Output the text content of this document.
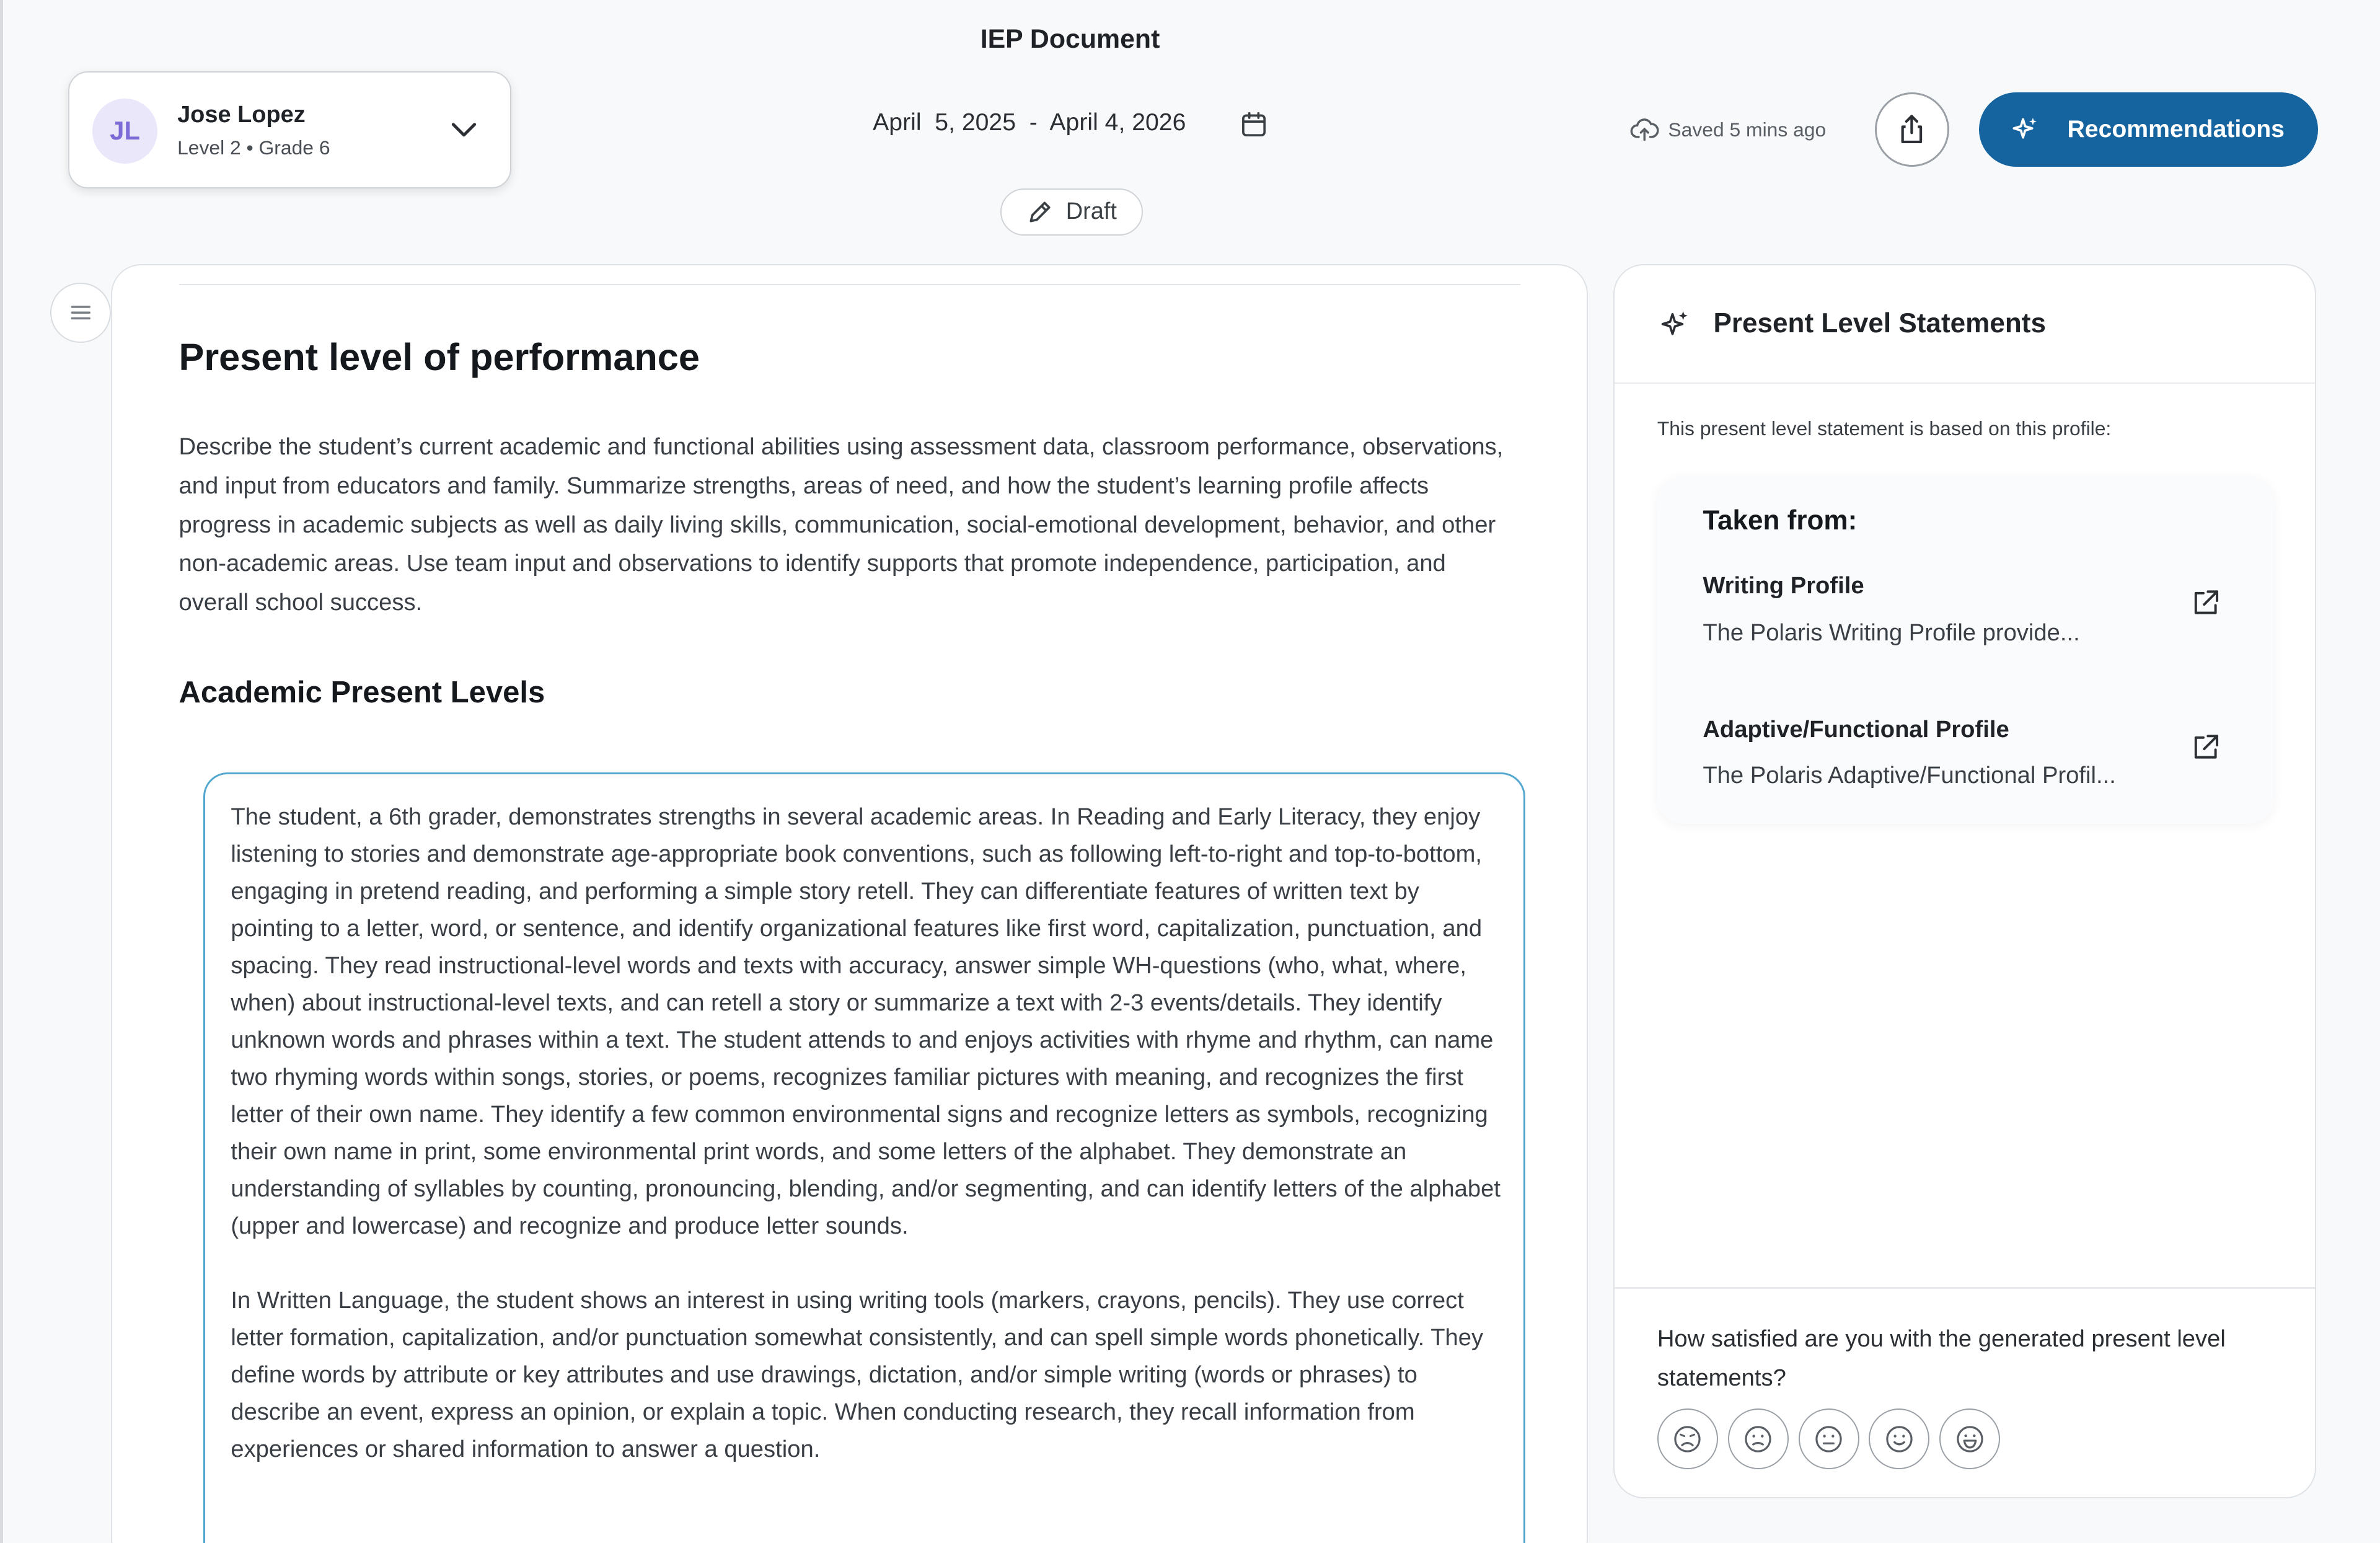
IEP Document
JL
Jose Lopez
Level 2 • Grade 6
April  5, 2025  -  April 4, 2026
Draft
Saved 5 mins ago	Recommendations
Present level of performance
Describe the student’s current academic and functional abilities using assessment data, classroom performance, observations, and input from educators and family. Summarize strengths, areas of need, and how the student’s learning profile affects progress in academic subjects as well as daily living skills, communication, social-emotional development, behavior, and other non-academic areas. Use team input and observations to identify supports that promote independence, participation, and overall school success.
Academic Present Levels

The student, a 6th grader, demonstrates strengths in several academic areas. In Reading and Early Literacy, they enjoy listening to stories and demonstrate age-appropriate book conventions, such as following left-to-right and top-to-bottom, engaging in pretend reading, and performing a simple story retell. They can differentiate features of written text by pointing to a letter, word, or sentence, and identify organizational features like first word, capitalization, punctuation, and spacing. They read instructional-level words and texts with accuracy, answer simple WH-questions (who, what, where, when) about instructional-level texts, and can retell a story or summarize a text with 2-3 events/details. They identify unknown words and phrases within a text. The student attends to and enjoys activities with rhyme and rhythm, can name two rhyming words within songs, stories, or poems, recognizes familiar pictures with meaning, and recognizes the first letter of their own name. They identify a few common environmental signs and recognize letters as symbols, recognizing their own name in print, some environmental print words, and some letters of the alphabet. They demonstrate an understanding of syllables by counting, pronouncing, blending, and/or segmenting, and can identify letters of the alphabet (upper and lowercase) and recognize and produce letter sounds.

In Written Language, the student shows an interest in using writing tools (markers, crayons, pencils). They use correct letter formation, capitalization, and/or punctuation somewhat consistently, and can spell simple words phonetically. They define words by attribute or key attributes and use drawings, dictation, and/or simple writing (words or phrases) to describe an event, express an opinion, or explain a topic. When conducting research, they recall information from experiences or shared information to answer a question.

Present Level Statements
This present level statement is based on this profile:
Taken from:
Writing Profile
The Polaris Writing Profile provide...
Adaptive/Functional Profile
The Polaris Adaptive/Functional Profil...
How satisfied are you with the generated present level statements?
